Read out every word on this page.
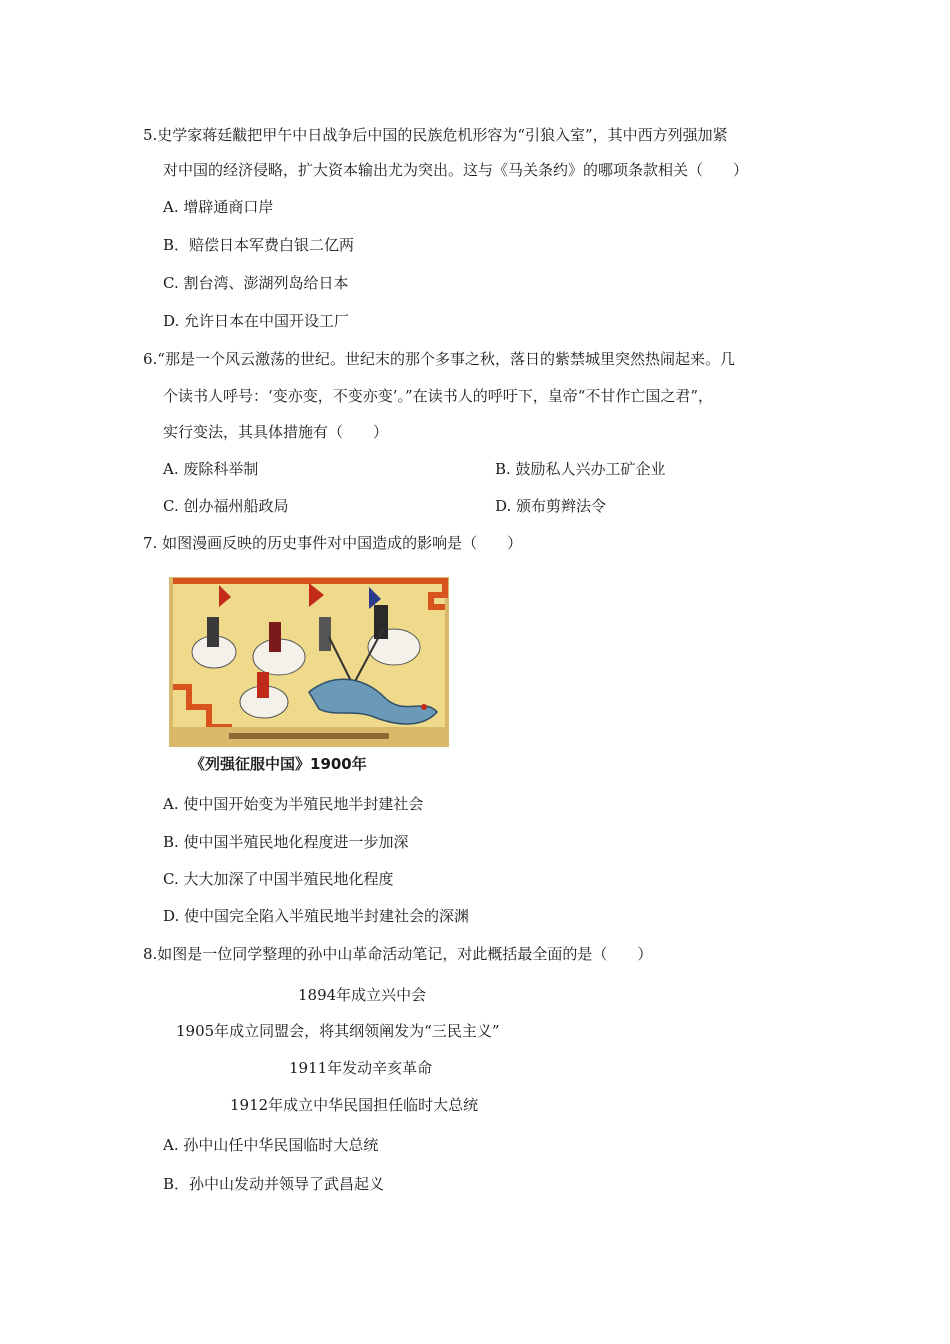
5.史学家蒋廷黻把甲午中日战争后中国的民族危机形容为“引狼入室”，其中西方列强加紧
对中国的经济侵略，扩大资本输出尤为突出。这与《马关条约》的哪项条款相关（　　）
A. 增辟通商口岸
B．赔偿日本军费白银二亿两
C. 割台湾、澎湖列岛给日本
D. 允许日本在中国开设工厂
6.“那是一个风云激荡的世纪。世纪末的那个多事之秋，落日的紫禁城里突然热闹起来。几
个读书人呼号：‘变亦变，不变亦变’。”在读书人的呼吁下，皇帝“不甘作亡国之君”，
实行变法，其具体措施有（　　）
A. 废除科举制	B. 鼓励私人兴办工矿企业
C. 创办福州船政局	D. 颁布剪辫法令
7. 如图漫画反映的历史事件对中国造成的影响是（　　）
《列强征服中国》1900年
A. 使中国开始变为半殖民地半封建社会
B. 使中国半殖民地化程度进一步加深
C. 大大加深了中国半殖民地化程度
D. 使中国完全陷入半殖民地半封建社会的深渊
8.如图是一位同学整理的孙中山革命活动笔记，对此概括最全面的是（　　）
1894年成立兴中会
1905年成立同盟会，将其纲领阐发为“三民主义”
1911年发动辛亥革命
1912年成立中华民国担任临时大总统
A. 孙中山任中华民国临时大总统
B．孙中山发动并领导了武昌起义
